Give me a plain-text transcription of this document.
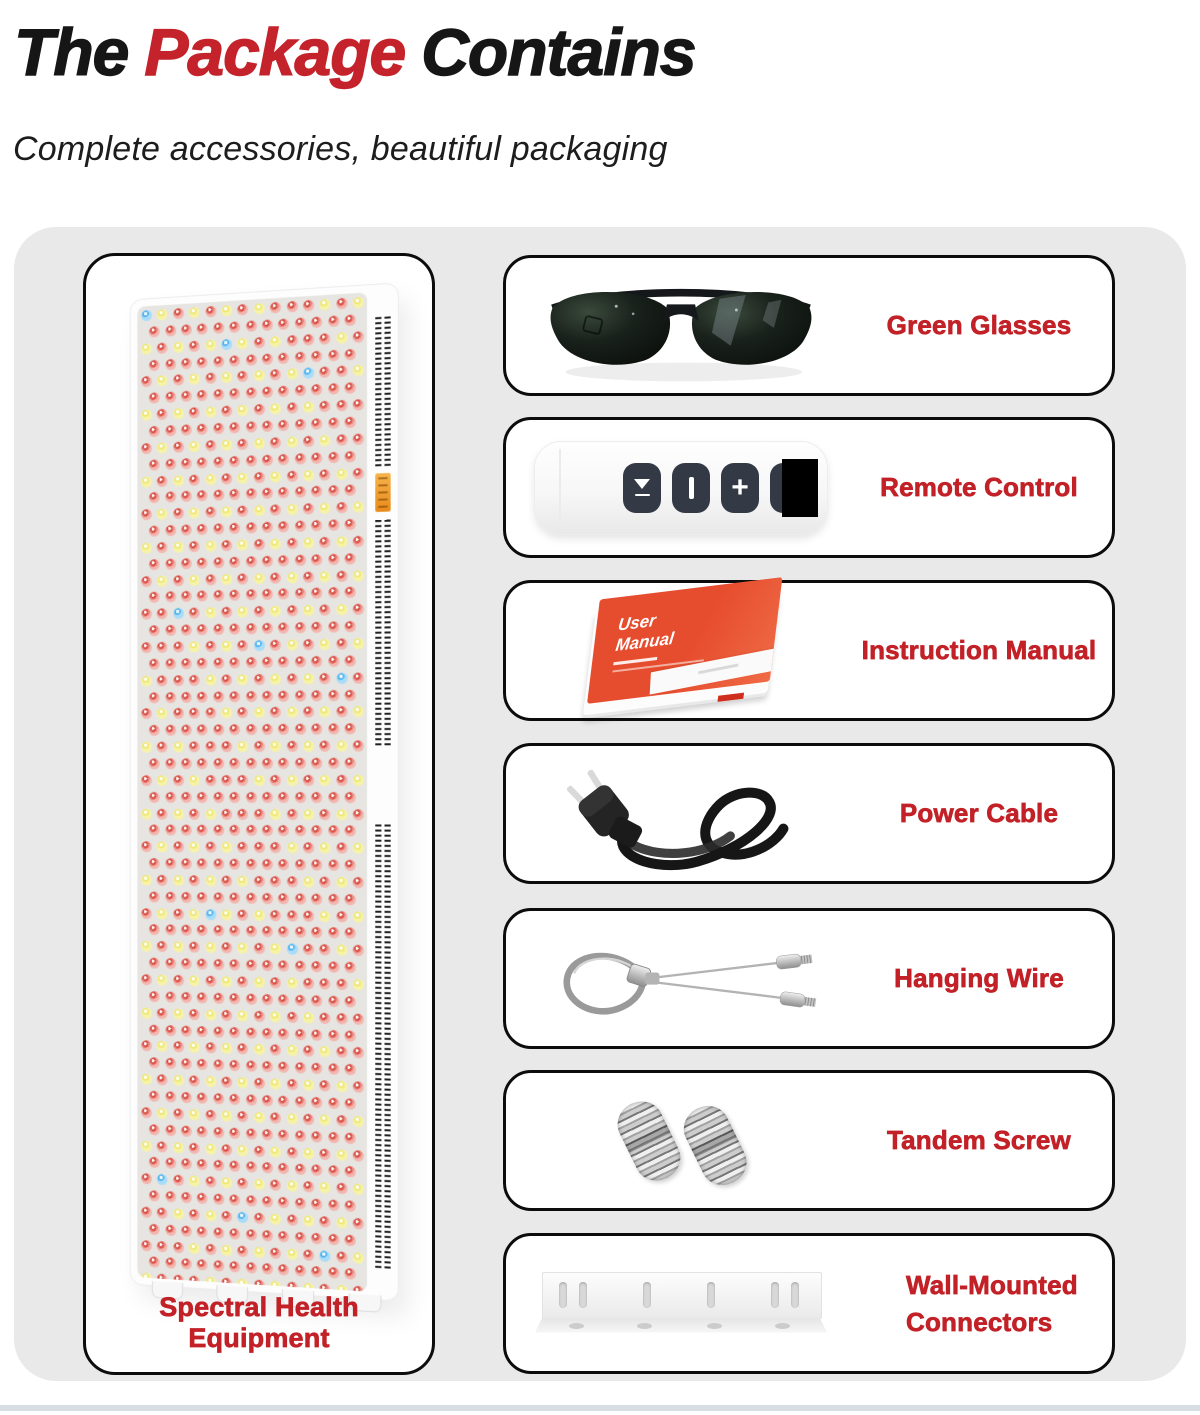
The Package Contains
Complete accessories, beautiful packaging
Spectral Health Equipment
Green Glasses
+	Remote Control
User Manual	Instruction Manual
Power Cable
Hanging Wire
Tandem Screw
Wall-Mounted
Connectors
